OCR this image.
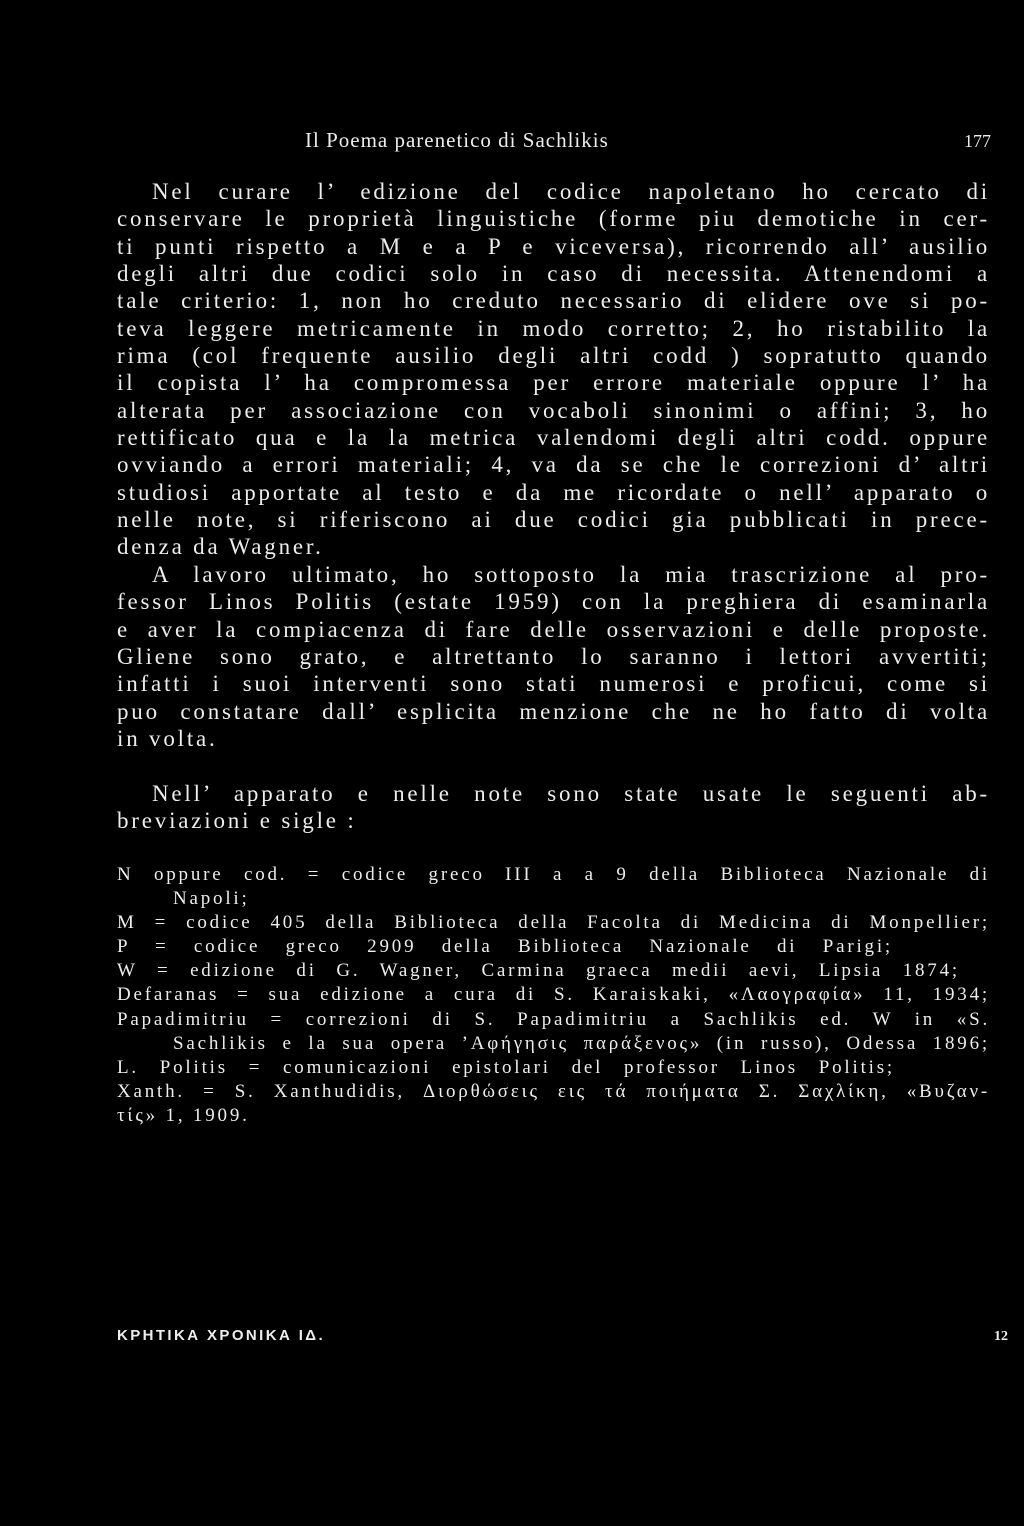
Il Poema parenetico di Sachlikis	177
Nel curare l’ edizione del codice napoletano ho cercato di
conservare le proprietà linguistiche (forme piu demotiche in cer-
ti punti rispetto a M e a P e viceversa), ricorrendo all’ ausilio
degli altri due codici solo in caso di necessita. Attenendomi a
tale criterio: 1, non ho creduto necessario di elidere ove si po-
teva leggere metricamente in modo corretto; 2, ho ristabilito la
rima (col frequente ausilio degli altri codd ) sopratutto quando
il copista l’ ha compromessa per errore materiale oppure l’ ha
alterata per associazione con vocaboli sinonimi o affini; 3, ho
rettificato qua e la la metrica valendomi degli altri codd. oppure
ovviando a errori materiali; 4, va da se che le correzioni d’ altri
studiosi apportate al testo e da me ricordate o nell’ apparato o
nelle note, si riferiscono ai due codici gia pubblicati in prece-
denza da Wagner.
A lavoro ultimato, ho sottoposto la mia trascrizione al pro-
fessor Linos Politis (estate 1959) con la preghiera di esaminarla
e aver la compiacenza di fare delle osservazioni e delle proposte.
Gliene sono grato, e altrettanto lo saranno i lettori avvertiti;
infatti i suoi interventi sono stati numerosi e proficui, come si
puo constatare dall’ esplicita menzione che ne ho fatto di volta
in volta.
Nell’ apparato e nelle note sono state usate le seguenti ab-
breviazioni e sigle :
N oppure cod. = codice greco III a a 9 della Biblioteca Nazionale di
Napoli;
M = codice 405 della Biblioteca della Facolta di Medicina di Monpellier;
P = codice greco 2909 della Biblioteca Nazionale di Parigi;
W = edizione di G. Wagner, Carmina graeca medii aevi, Lipsia 1874;
Defaranas = sua edizione a cura di S. Karaiskaki, «Λαογραφία» 11, 1934;
Papadimitriu = correzioni di S. Papadimitriu a Sachlikis ed. W in «S.
Sachlikis e la sua opera ’Αφήγησις παράξενος» (in russo), Odessa 1896;
L. Politis = comunicazioni epistolari del professor Linos Politis;
Xanth. = S. Xanthudidis, Διορθώσεις εις τά ποιήματα Σ. Σαχλίκη, «Βυζαν-
τίς» 1, 1909.
ΚΡΗΤΙΚΑ ΧΡΟΝΙΚΑ ΙΔ.	12
